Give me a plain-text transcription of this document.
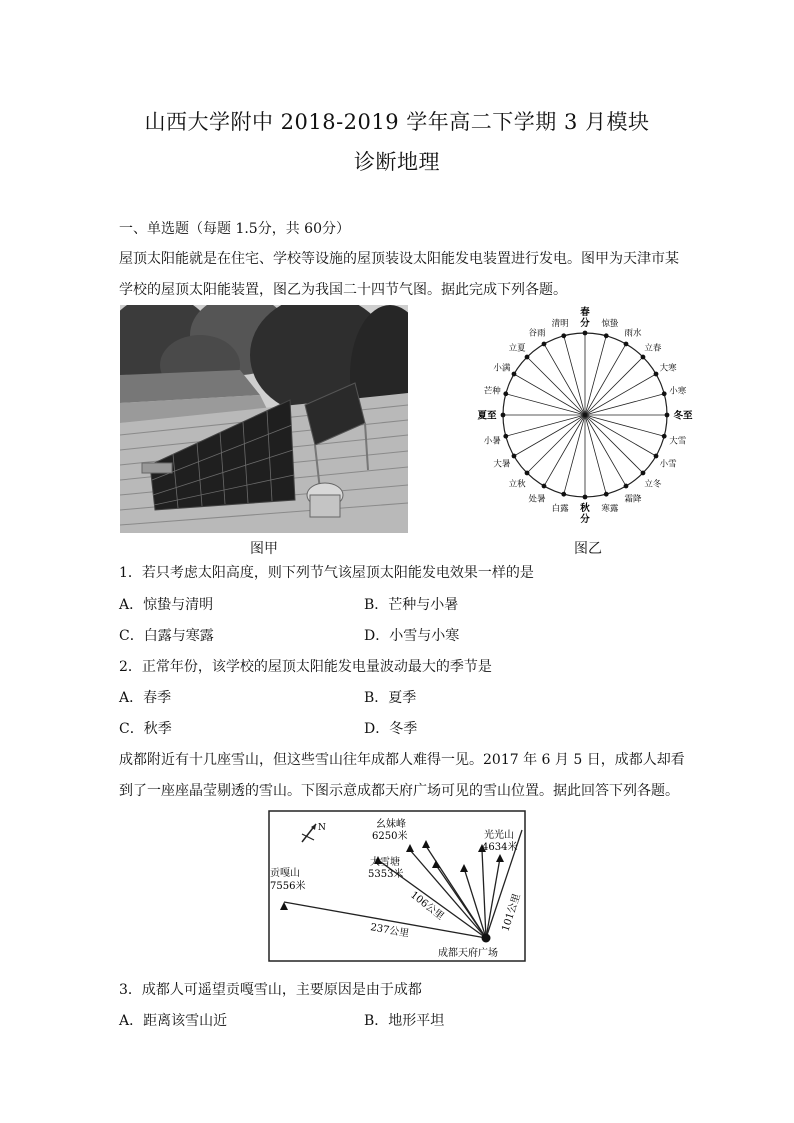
山西大学附中 2018-2019 学年高二下学期 3 月模块
诊断地理
一、单选题（每题 1.5分，共 60分）
屋顶太阳能就是在住宅、学校等设施的屋顶装设太阳能发电装置进行发电。图甲为天津市某
学校的屋顶太阳能装置，图乙为我国二十四节气图。据此完成下列各题。
图甲
惊蛰
雨水
立春
大寒
小寒
大雪
小雪
立冬
霜降
寒露
清明
谷雨
立夏
小满
芒种
小暑
大暑
立秋
处暑
白露
夏至	冬至
春
分
秋
分
图乙
1．若只考虑太阳高度，则下列节气该屋顶太阳能发电效果一样的是
A．惊蛰与清明	B．芒种与小暑
C．白露与寒露	D．小雪与小寒
2．正常年份，该学校的屋顶太阳能发电量波动最大的季节是
A．春季	B．夏季
C．秋季	D．冬季
成都附近有十几座雪山，但这些雪山往年成都人难得一见。2017 年 6 月 5 日，成都人却看
到了一座座晶莹剔透的雪山。下图示意成都天府广场可见的雪山位置。据此回答下列各题。
N	幺妹峰
6250米	光光山
4634米
大雪塘
5353米
贡嘎山
7556米
106公里	101公里
237公里
成都天府广场
3．成都人可遥望贡嘎雪山，主要原因是由于成都
A．距离该雪山近	B．地形平坦
